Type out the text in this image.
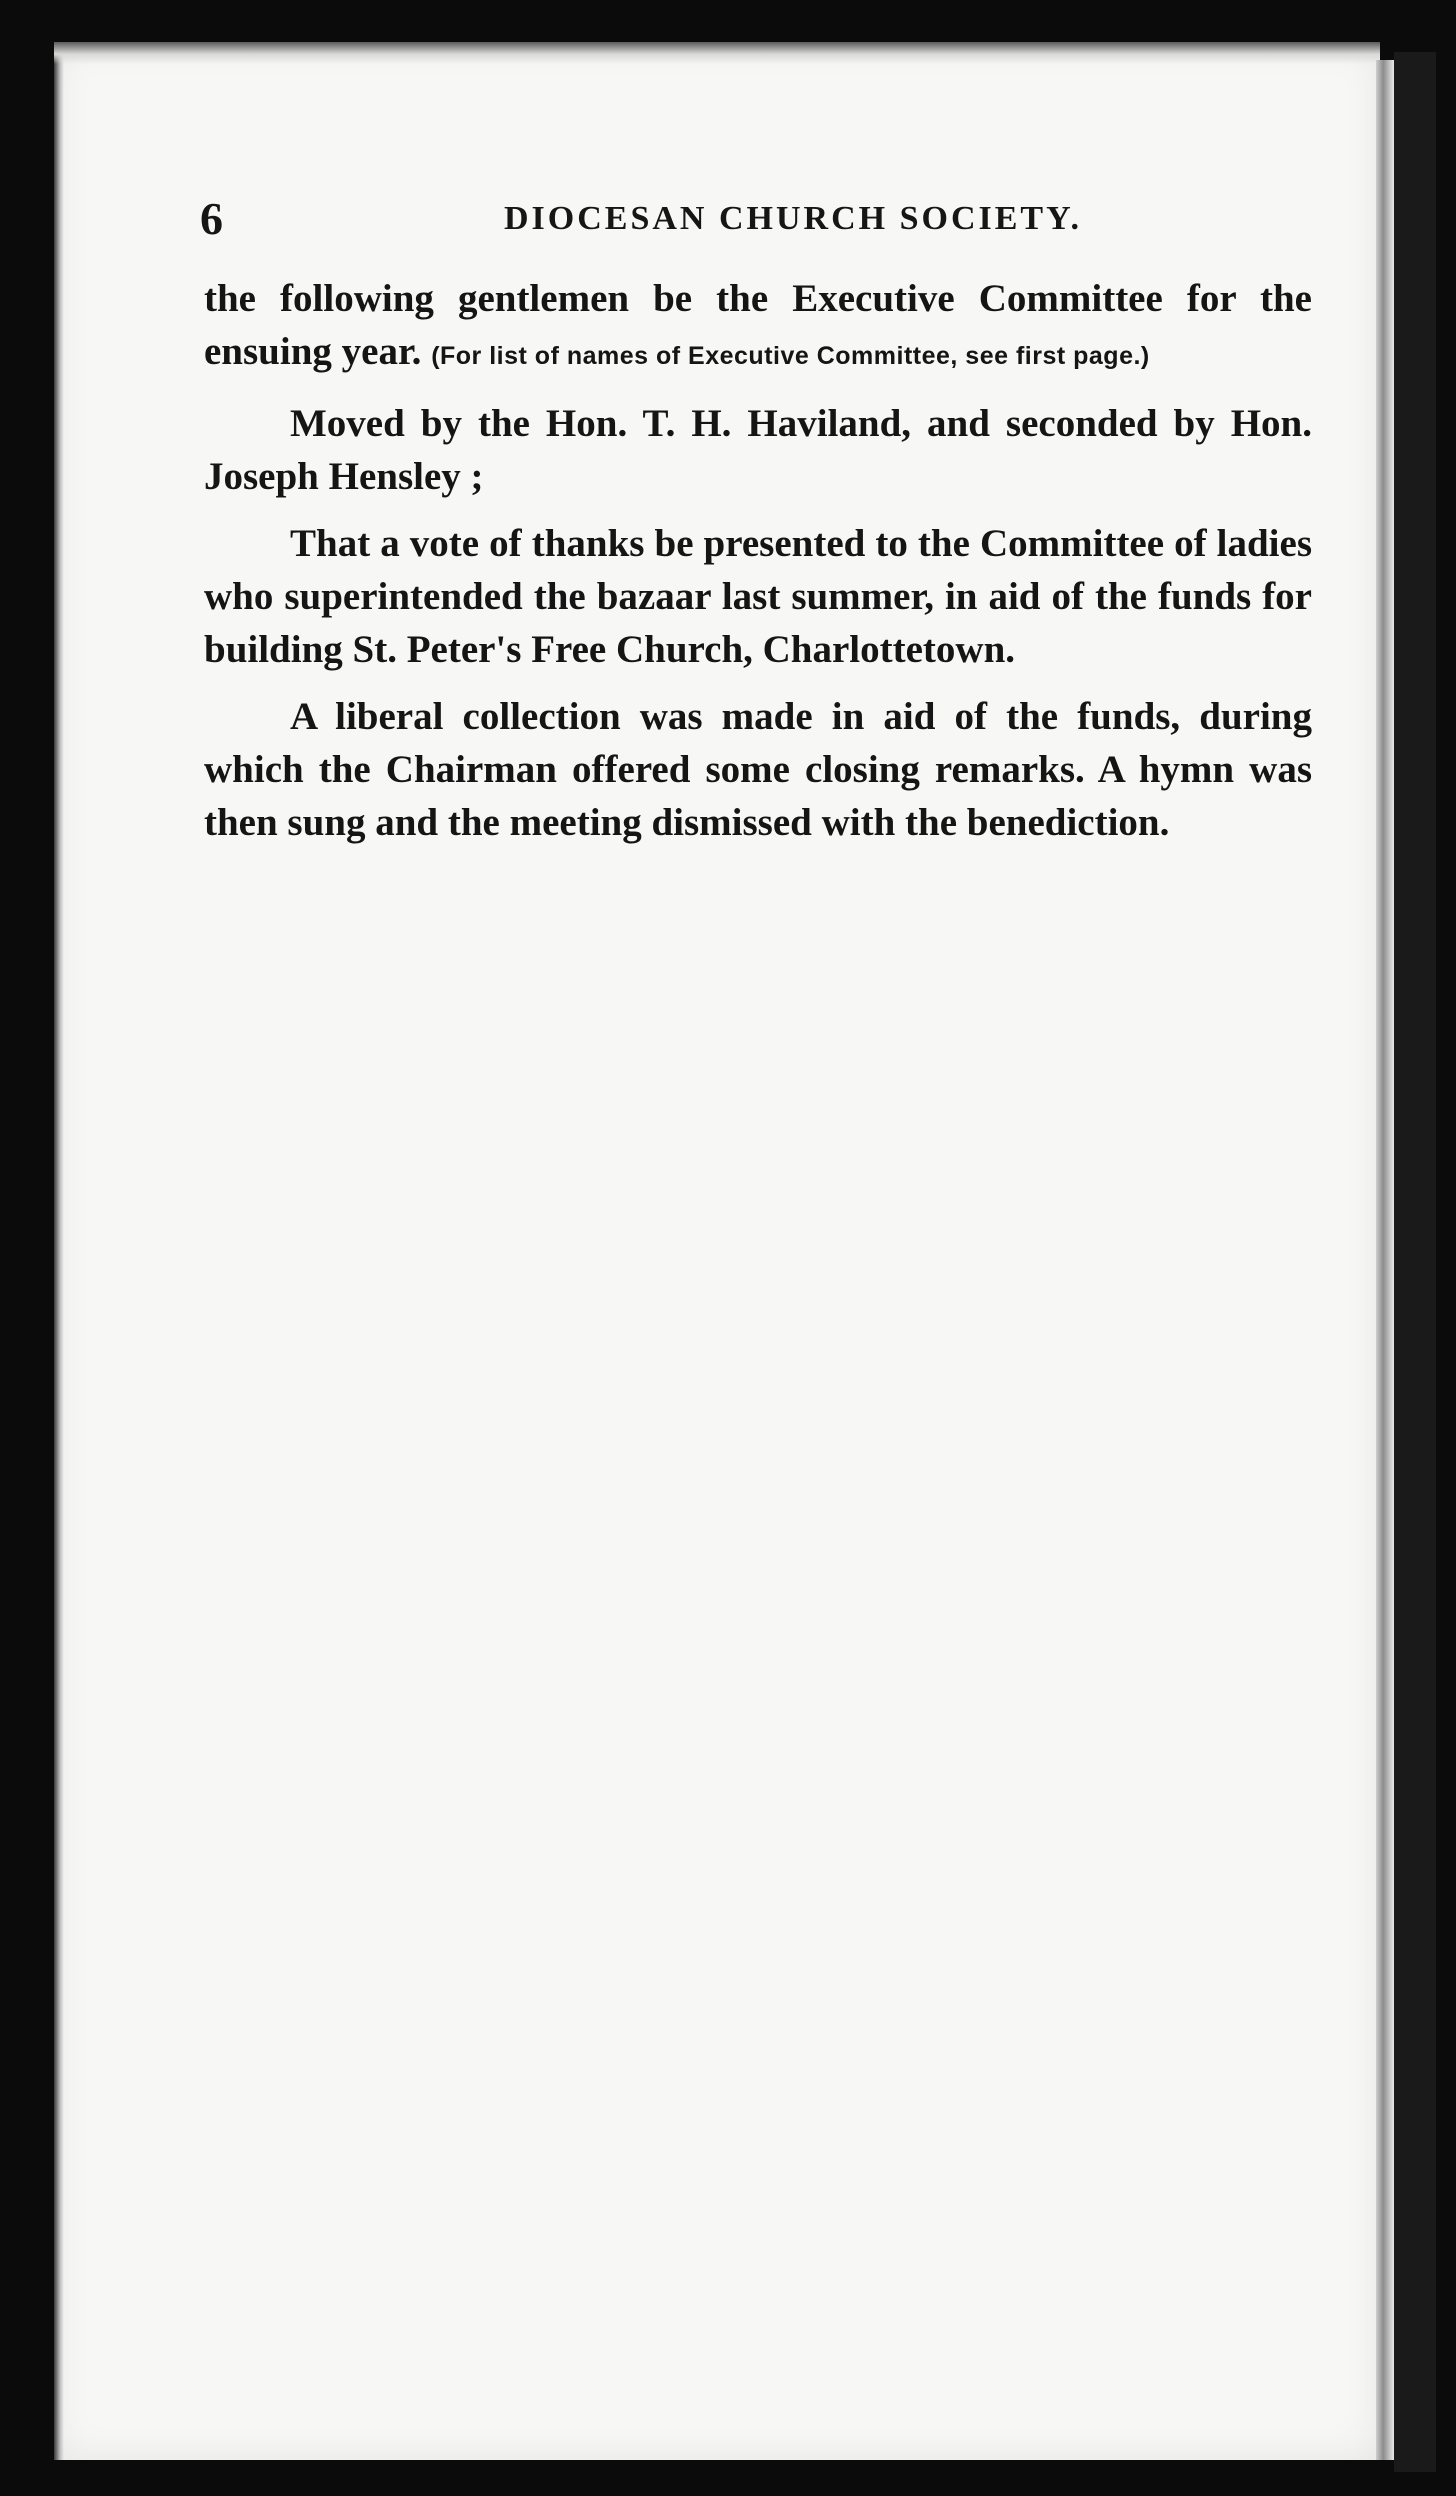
6	DIOCESAN CHURCH SOCIETY.

the following gentlemen be the Executive Committee for the ensuing year. (For list of names of Executive Committee, see first page.)

Moved by the Hon. T. H. Haviland, and seconded by Hon. Joseph Hensley ;

That a vote of thanks be presented to the Committee of ladies who superintended the bazaar last summer, in aid of the funds for building St. Peter's Free Church, Charlottetown.

A liberal collection was made in aid of the funds, during which the Chairman offered some closing remarks. A hymn was then sung and the meeting dismissed with the benediction.
